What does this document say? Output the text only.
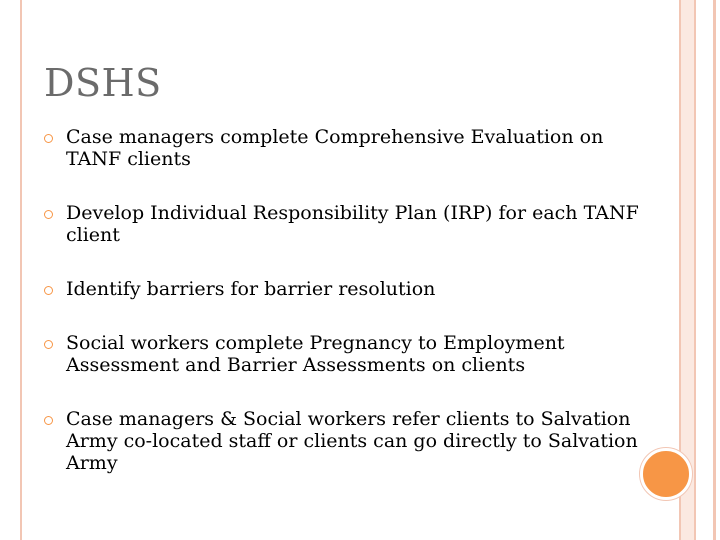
DSHS
Case managers complete Comprehensive Evaluation on TANF clients
Develop Individual Responsibility Plan (IRP) for each TANF client
Identify barriers for barrier resolution
Social workers complete Pregnancy to Employment Assessment and Barrier Assessments on clients
Case managers & Social workers refer clients to Salvation Army co-located staff or clients can go directly to Salvation Army
